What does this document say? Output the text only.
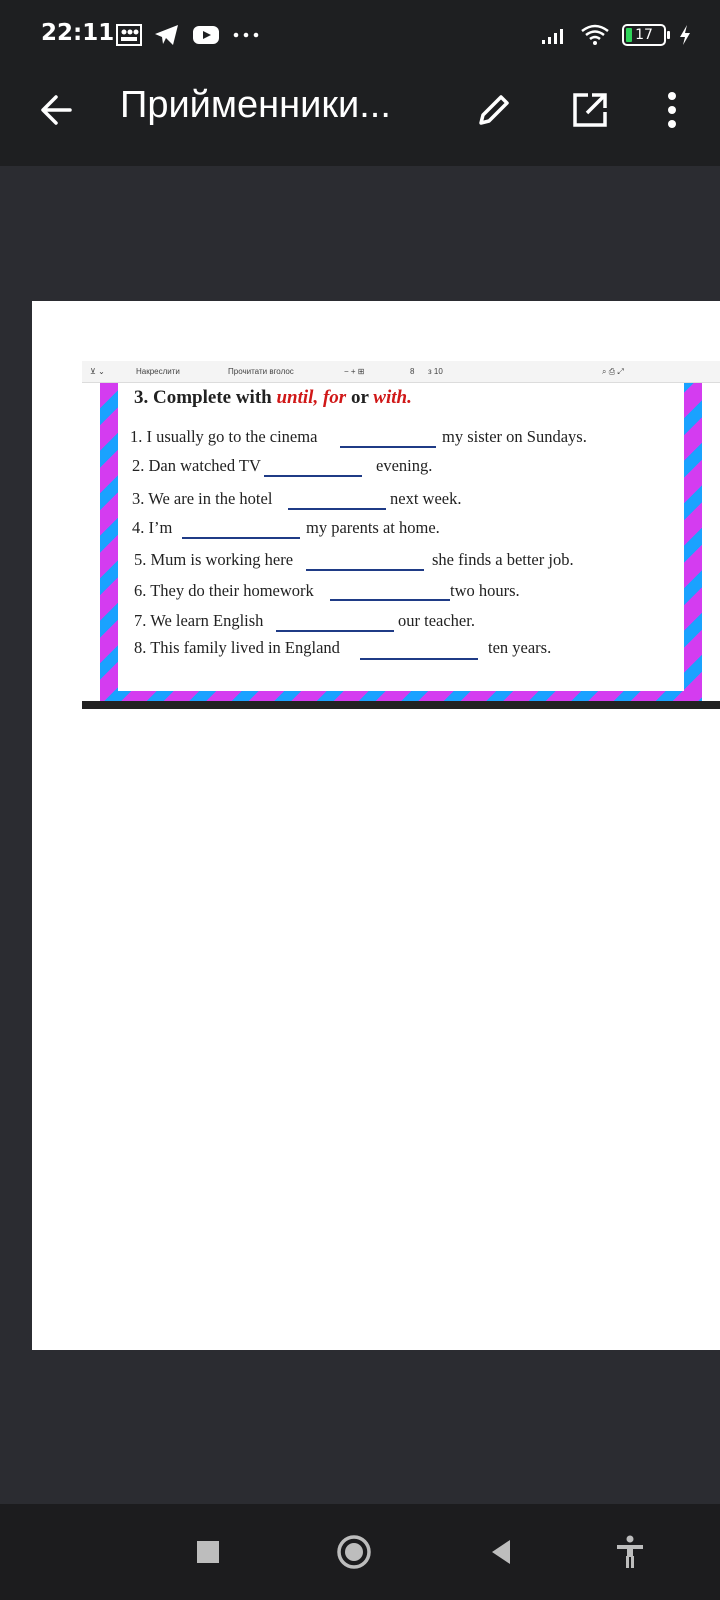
22:11	17
Прийменники...
⊻ ⌄	Накреслити	Прочитати вголос	− + ⊞	8 з 10	⌕ ⎙ ⤢
3. Complete with until, for or with.
1. I usually go to the cinema	my sister on Sundays.
2. Dan watched TV	evening.
3. We are in the hotel	next week.
4. I’m	my parents at home.
5. Mum is working here	she finds a better job.
6. They do their homework	two hours.
7. We learn English	our teacher.
8. This family lived in England	ten years.
